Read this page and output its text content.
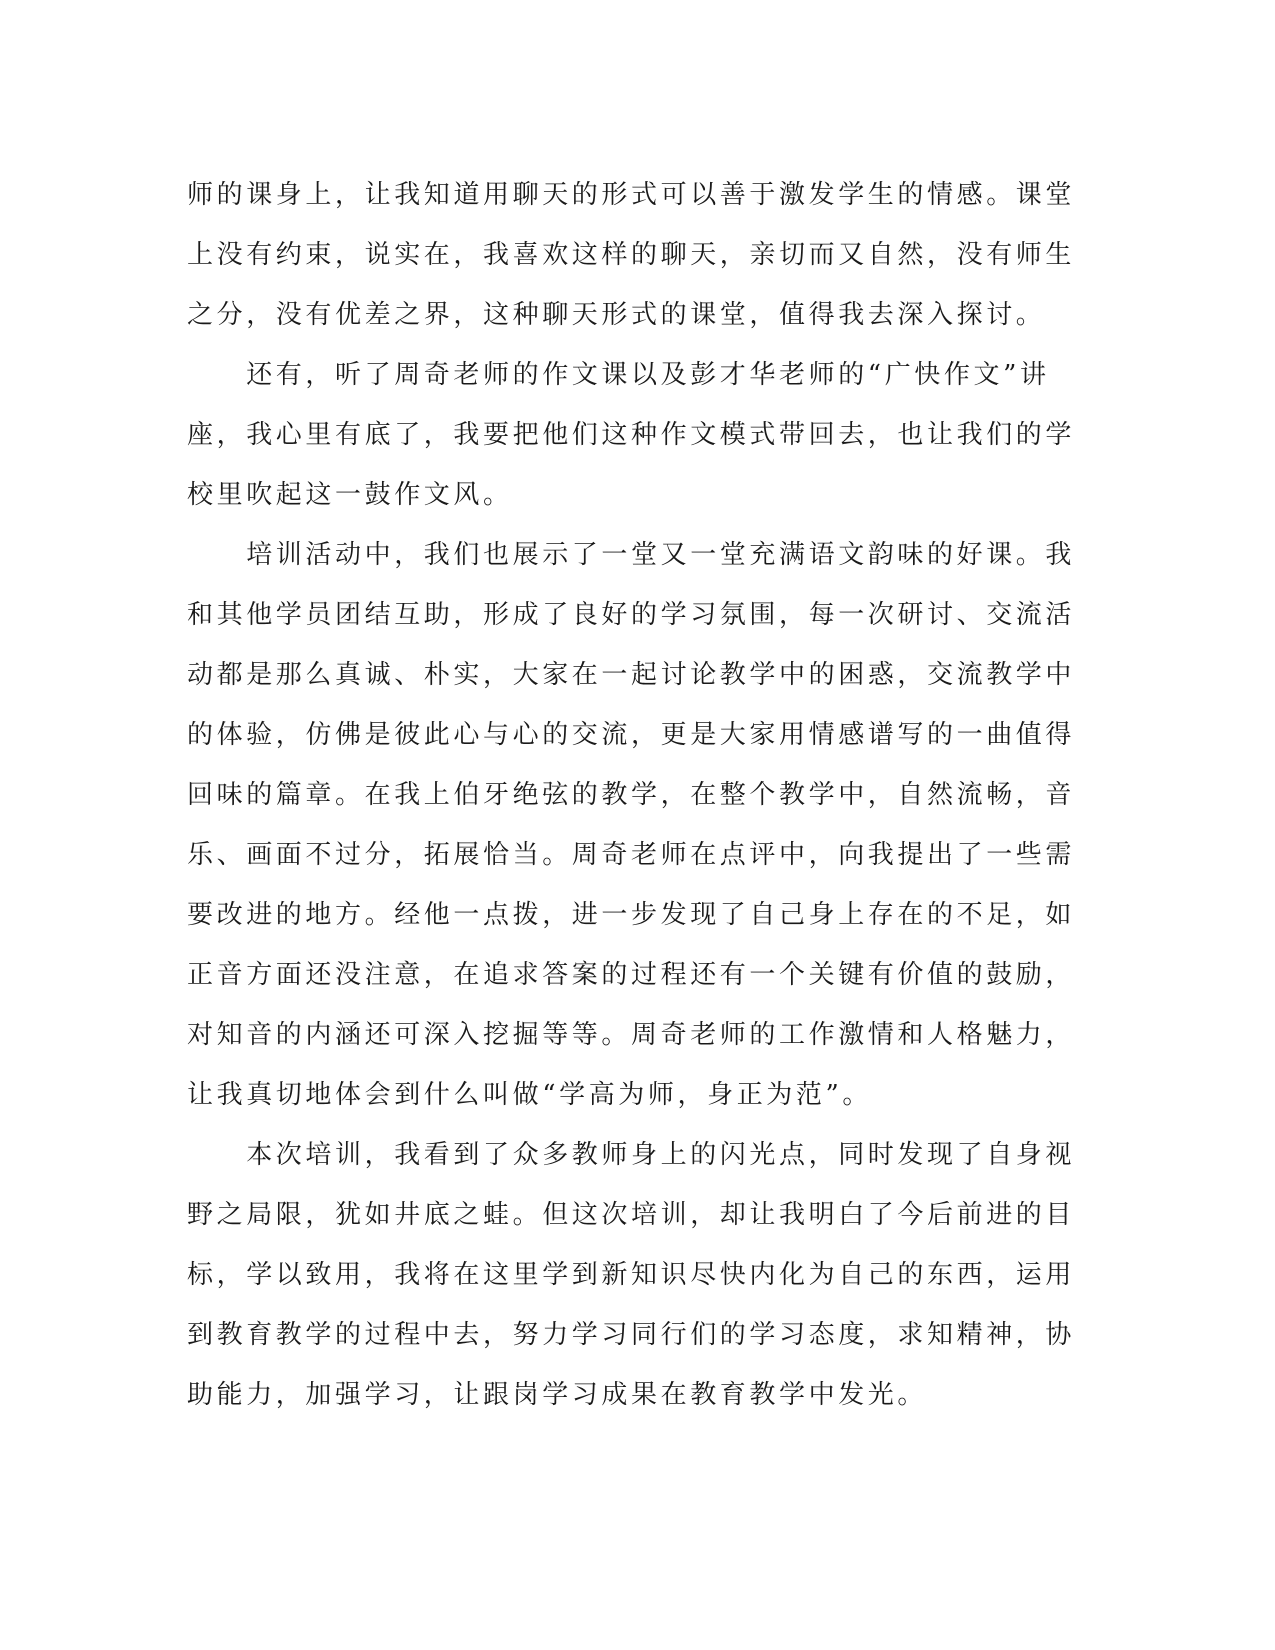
师的课身上，让我知道用聊天的形式可以善于激发学生的情感。课堂上没有约束，说实在，我喜欢这样的聊天，亲切而又自然，没有师生之分，没有优差之界，这种聊天形式的课堂，值得我去深入探讨。

　　还有，听了周奇老师的作文课以及彭才华老师的“广快作文”讲座，我心里有底了，我要把他们这种作文模式带回去，也让我们的学校里吹起这一鼓作文风。

　　培训活动中，我们也展示了一堂又一堂充满语文韵味的好课。我和其他学员团结互助，形成了良好的学习氛围，每一次研讨、交流活动都是那么真诚、朴实，大家在一起讨论教学中的困惑，交流教学中的体验，仿佛是彼此心与心的交流，更是大家用情感谱写的一曲值得回味的篇章。在我上伯牙绝弦的教学，在整个教学中，自然流畅，音乐、画面不过分，拓展恰当。周奇老师在点评中，向我提出了一些需要改进的地方。经他一点拨，进一步发现了自己身上存在的不足，如正音方面还没注意，在追求答案的过程还有一个关键有价值的鼓励，对知音的内涵还可深入挖掘等等。周奇老师的工作激情和人格魅力，让我真切地体会到什么叫做“学高为师，身正为范”。

　　本次培训，我看到了众多教师身上的闪光点，同时发现了自身视野之局限，犹如井底之蛙。但这次培训，却让我明白了今后前进的目标，学以致用，我将在这里学到新知识尽快内化为自己的东西，运用到教育教学的过程中去，努力学习同行们的学习态度，求知精神，协助能力，加强学习，让跟岗学习成果在教育教学中发光。
